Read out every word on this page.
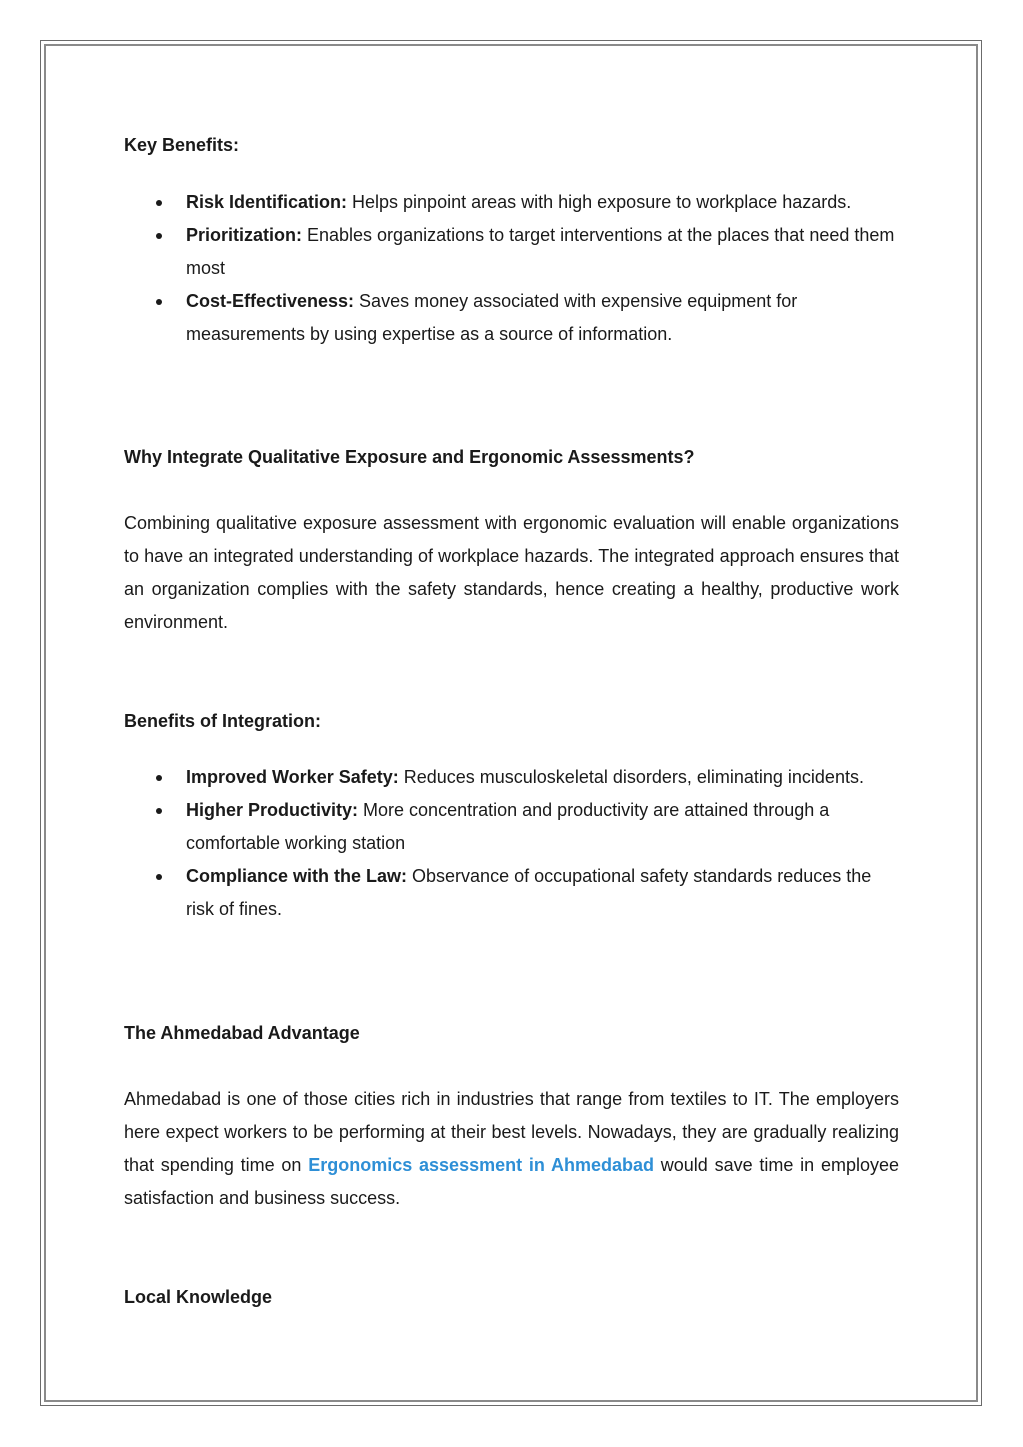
Key Benefits:

Risk Identification: Helps pinpoint areas with high exposure to workplace hazards.
Prioritization: Enables organizations to target interventions at the places that need them most
Cost-Effectiveness: Saves money associated with expensive equipment for measurements by using expertise as a source of information.

Why Integrate Qualitative Exposure and Ergonomic Assessments?

Combining qualitative exposure assessment with ergonomic evaluation will enable organizations to have an integrated understanding of workplace hazards. The integrated approach ensures that an organization complies with the safety standards, hence creating a healthy, productive work environment.

Benefits of Integration:

Improved Worker Safety: Reduces musculoskeletal disorders, eliminating incidents.
Higher Productivity: More concentration and productivity are attained through a comfortable working station
Compliance with the Law: Observance of occupational safety standards reduces the risk of fines.

The Ahmedabad Advantage

Ahmedabad is one of those cities rich in industries that range from textiles to IT. The employers here expect workers to be performing at their best levels. Nowadays, they are gradually realizing that spending time on Ergonomics assessment in Ahmedabad would save time in employee satisfaction and business success.

Local Knowledge
